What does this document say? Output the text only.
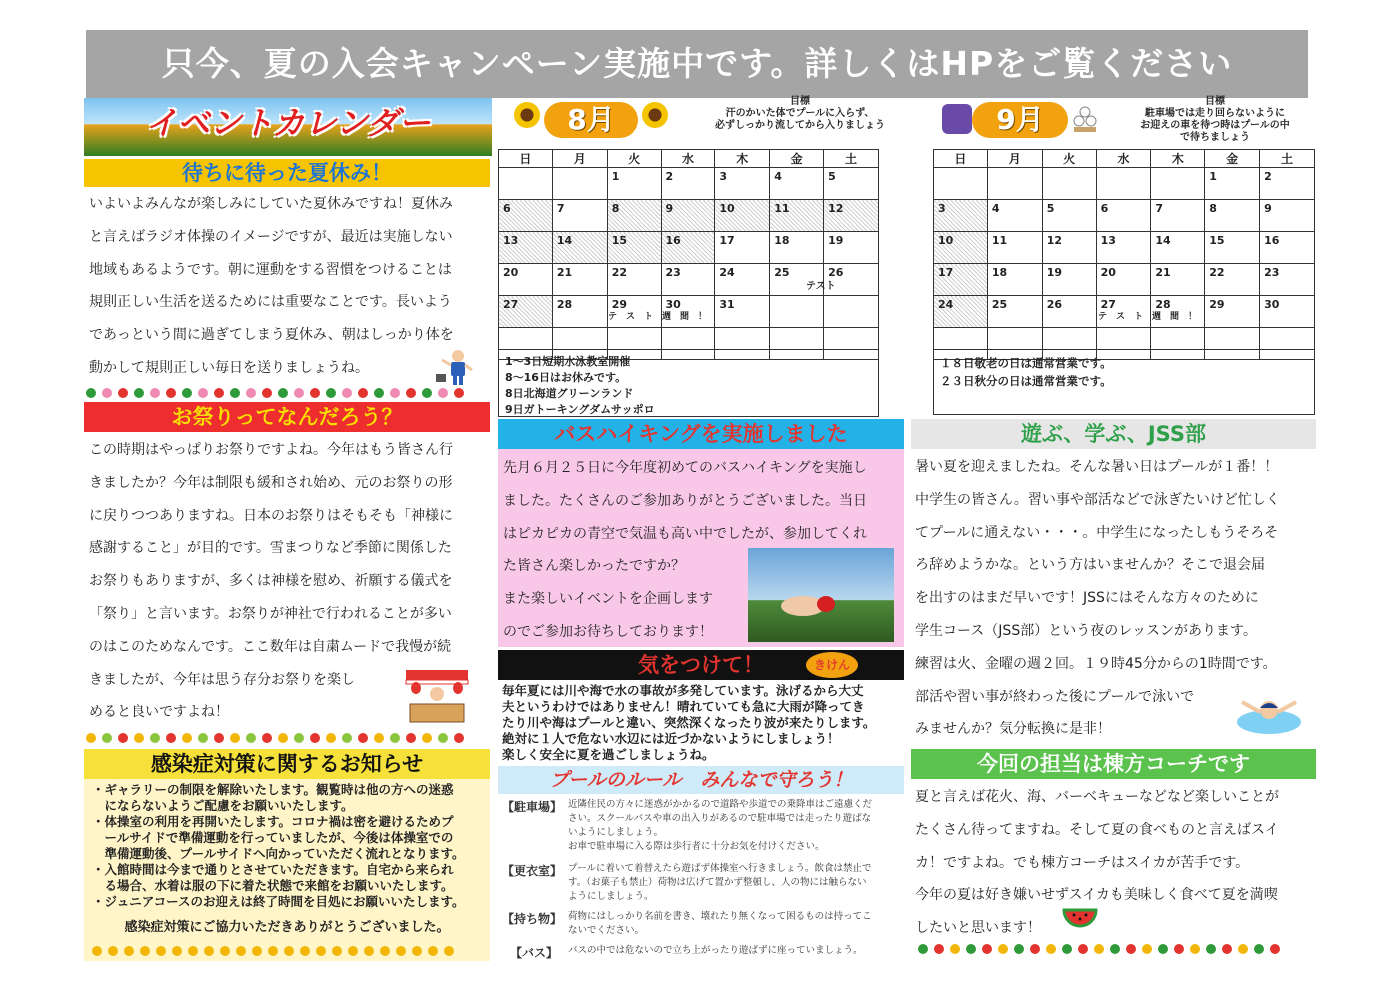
只今、夏の入会キャンペーン実施中です。詳しくはHPをご覧ください
イベントカレンダー
待ちに待った夏休み！
いよいよみんなが楽しみにしていた夏休みですね！夏休み
と言えばラジオ体操のイメージですが、最近は実施しない
地域もあるようです。朝に運動をする習慣をつけることは
規則正しい生活を送るためには重要なことです。長いよう
であっという間に過ぎてしまう夏休み、朝はしっかり体を
動かして規則正しい毎日を送りましょうね。
お祭りってなんだろう？
この時期はやっぱりお祭りですよね。今年はもう皆さん行
きましたか？今年は制限も緩和され始め、元のお祭りの形
に戻りつつありますね。日本のお祭りはそもそも「神様に
感謝すること」が目的です。雪まつりなど季節に関係した
お祭りもありますが、多くは神様を慰め、祈願する儀式を
「祭り」と言います。お祭りが神社で行われることが多い
のはこのためなんです。ここ数年は自粛ムードで我慢が続
きましたが、今年は思う存分お祭りを楽し
めると良いですよね！
感染症対策に関するお知らせ
・ギャラリーの制限を解除いたします。観覧時は他の方への迷惑
　にならないようご配慮をお願いいたします。
・体操室の利用を再開いたします。コロナ禍は密を避けるためプ
　ールサイドで準備運動を行っていましたが、今後は体操室での
　準備運動後、プールサイドへ向かっていただく流れとなります。
・入館時間は今まで通りとさせていただきます。自宅から来られ
　る場合、水着は服の下に着た状態で来館をお願いいたします。
・ジュニアコースのお迎えは終了時間を目処にお願いいたします。
感染症対策にご協力いただきありがとうございました。
8月
目標
汗のかいた体でプールに入らず、
必ずしっかり流してから入りましょう
日	月	火	水	木	金	土
		1	2	3	4	5
6	7	8	9	10	11	12
13	14	15	16	17	18	19
20	21	22	23	24	25	26
27	28	29	30	31		

テスト
テ　ス　ト　週　間　！
1～3日短期水泳教室開催
8～16日はお休みです。
8日北海道グリーンランド
9日ガトーキングダムサッポロ
9月
目標
駐車場では走り回らないように
お迎えの車を待つ時はプールの中
で待ちましょう
日	月	火	水	木	金	土
					1	2
3	4	5	6	7	8	9
10	11	12	13	14	15	16
17	18	19	20	21	22	23
24	25	26	27	28	29	30

テ　ス　ト　週　間　！
１８日敬老の日は通常営業です。
２３日秋分の日は通常営業です。
バスハイキングを実施しました
先月６月２５日に今年度初めてのバスハイキングを実施し
ました。たくさんのご参加ありがとうございました。当日
はピカピカの青空で気温も高い中でしたが、参加してくれ
た皆さん楽しかったですか？
また楽しいイベントを企画します
のでご参加お待ちしております！
気をつけて！	きけん
毎年夏には川や海で水の事故が多発しています。泳げるから大丈
夫というわけではありません！晴れていても急に大雨が降ってき
たり川や海はプールと違い、突然深くなったり波が来たりします。
絶対に１人で危ない水辺には近づかないようにしましょう！
楽しく安全に夏を過ごしましょうね。
プールのルール　みんなで守ろう！
【駐車場】 近隣住民の方々に迷惑がかかるので道路や歩道での乗降車はご遠慮くだ
さい。スクールバスや車の出入りがあるので駐車場では走ったり遊ばな
いようにしましょう。
お車で駐車場に入る際は歩行者に十分お気を付けください。
【更衣室】 プールに着いて着替えたら遊ばず体操室へ行きましょう。飲食は禁止で
す。（お菓子も禁止）荷物は広げて置かず整頓し、人の物には触らない
ようにしましょう。
【持ち物】 荷物にはしっかり名前を書き、壊れたり無くなって困るものは持ってこ
ないでください。
【バス】 バスの中では危ないので立ち上がったり遊ばずに座っていましょう。
遊ぶ、学ぶ、JSS部
暑い夏を迎えましたね。そんな暑い日はプールが１番！！
中学生の皆さん。習い事や部活などで泳ぎたいけど忙しく
てプールに通えない・・・。中学生になったしもうそろそ
ろ辞めようかな。という方はいませんか？そこで退会届
を出すのはまだ早いです！JSSにはそんな方々のために
学生コース（JSS部）という夜のレッスンがあります。
練習は火、金曜の週２回。１９時45分からの1時間です。
部活や習い事が終わった後にプールで泳いで
みませんか？気分転換に是非！
今回の担当は棟方コーチです
夏と言えば花火、海、バーベキューなどなど楽しいことが
たくさん待ってますね。そして夏の食べものと言えばスイ
カ！ですよね。でも棟方コーチはスイカが苦手です。
今年の夏は好き嫌いせずスイカも美味しく食べて夏を満喫
したいと思います！
